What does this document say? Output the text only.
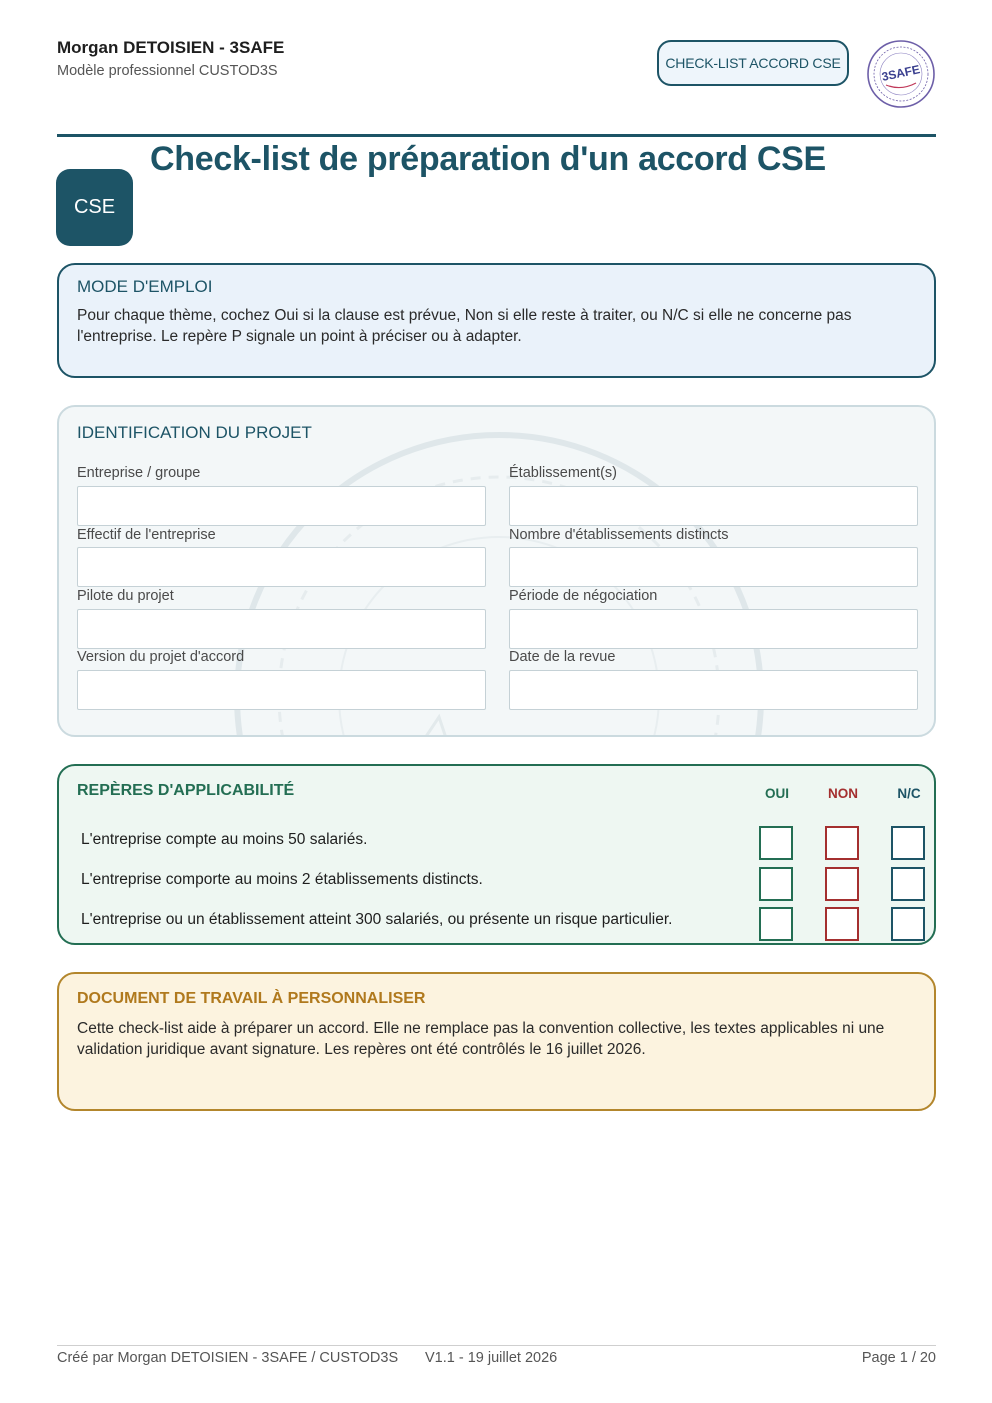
Morgan DETOISIEN - 3SAFE
Modèle professionnel CUSTOD3S	CHECK-LIST ACCORD CSE	3SAFE
Check-list de préparation d'un accord CSE
CSE
MODE D'EMPLOI
Pour chaque thème, cochez Oui si la clause est prévue, Non si elle reste à traiter, ou N/C si elle ne concerne pas l'entreprise. Le repère P signale un point à préciser ou à adapter.
IDENTIFICATION DU PROJET
Entreprise / groupe	Établissement(s)
Effectif de l'entreprise	Nombre d'établissements distincts
Pilote du projet	Période de négociation
Version du projet d'accord	Date de la revue
REPÈRES D'APPLICABILITÉ	OUI	NON	N/C
L'entreprise compte au moins 50 salariés.
L'entreprise comporte au moins 2 établissements distincts.
L'entreprise ou un établissement atteint 300 salariés, ou présente un risque particulier.
DOCUMENT DE TRAVAIL À PERSONNALISER
Cette check-list aide à préparer un accord. Elle ne remplace pas la convention collective, les textes applicables ni une validation juridique avant signature. Les repères ont été contrôlés le 16 juillet 2026.
Créé par Morgan DETOISIEN - 3SAFE / CUSTOD3S V1.1 - 19 juillet 2026	Page 1 / 20
